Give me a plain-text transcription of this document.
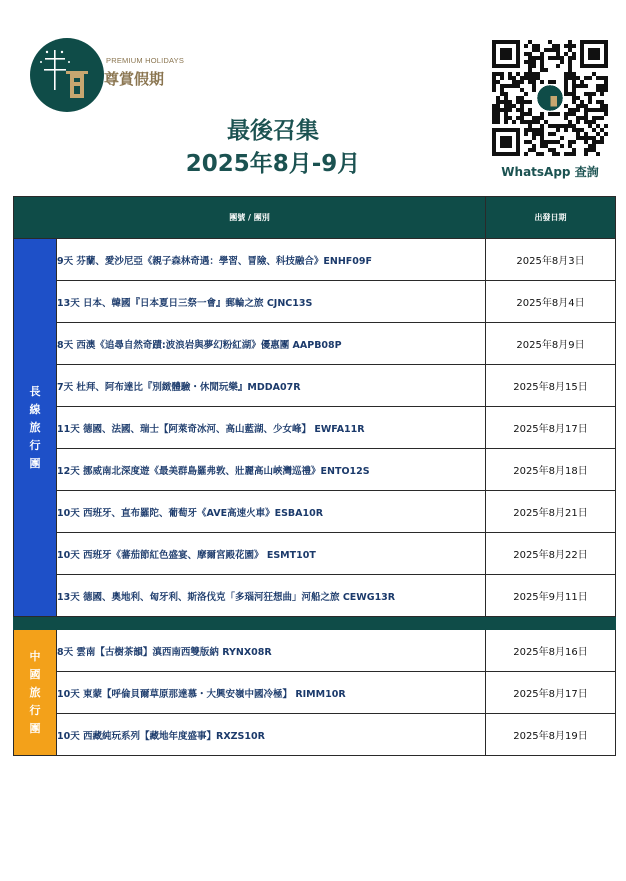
PREMIUM HOLIDAYS
尊賞假期
最後召集
2025年8月-9月	WhatsApp 查詢
團號 / 團別		出發日期

長
線
旅
行
團	9天 芬蘭、愛沙尼亞《親子森林奇遇：學習、冒險、科技融合》ENHF09F	2025年8月3日
	13天 日本、韓國『日本夏日三祭一會』郵輪之旅 CJNC13S	2025年8月4日
	8天 西澳《追尋自然奇蹟:波浪岩與夢幻粉紅湖》優惠團 AAPB08P	2025年8月9日
	7天 杜拜、阿布達比『別緻體驗・休閒玩樂』MDDA07R	2025年8月15日
	11天 德國、法國、瑞士【阿萊奇冰河、高山藍湖、少女峰】 EWFA11R	2025年8月17日
	12天 挪威南北深度遊《最美群島羅弗敦、壯麗高山峽灣巡禮》ENTO12S	2025年8月18日
	10天 西班牙、直布羅陀、葡萄牙《AVE高速火車》ESBA10R	2025年8月21日
	10天 西班牙《蕃茄節紅色盛宴、摩爾宮殿花園》 ESMT10T	2025年8月22日
	13天 德國、奧地利、匈牙利、斯洛伐克「多瑙河狂想曲」河船之旅 CEWG13R	2025年9月11日

中
國
旅
行
團	8天 雲南【古樹茶韻】滇西南西雙版納 RYNX08R	2025年8月16日
	10天 東蒙【呼倫貝爾草原那達慕・大興安嶺中國冷極】 RIMM10R	2025年8月17日
	10天 西藏純玩系列【藏地年度盛事】RXZS10R	2025年8月19日
